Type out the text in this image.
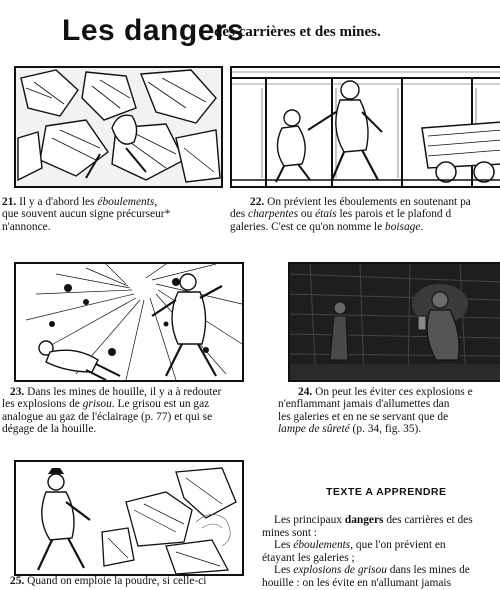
Les dangers
des carrières et des mines.
21. Il y a d'abord les éboulements,
que souvent aucun signe précurseur*
n'annonce.
22. On prévient les éboulements en soutenant pa
des charpentes ou étais les parois et le plafond d
galeries. C'est ce qu'on nomme le boisage.
23. Dans les mines de houille, il y a à redouter
les explosions de grisou. Le grisou est un gaz
analogue au gaz de l'éclairage (p. 77) et qui se
dégage de la houille.
24. On peut les éviter ces explosions e
n'enflammant jamais d'allumettes dan
les galeries et en ne se servant que de
lampe de sûreté (p. 34, fig. 35).
25. Quand on emploie la poudre, si celle-ci
TEXTE A APPRENDRE
Les principaux dangers des carrières et des
mines sont :
Les éboulements, que l'on prévient en
étayant les galeries ;
Les explosions de grisou dans les mines de
houille : on les évite en n'allumant jamais
